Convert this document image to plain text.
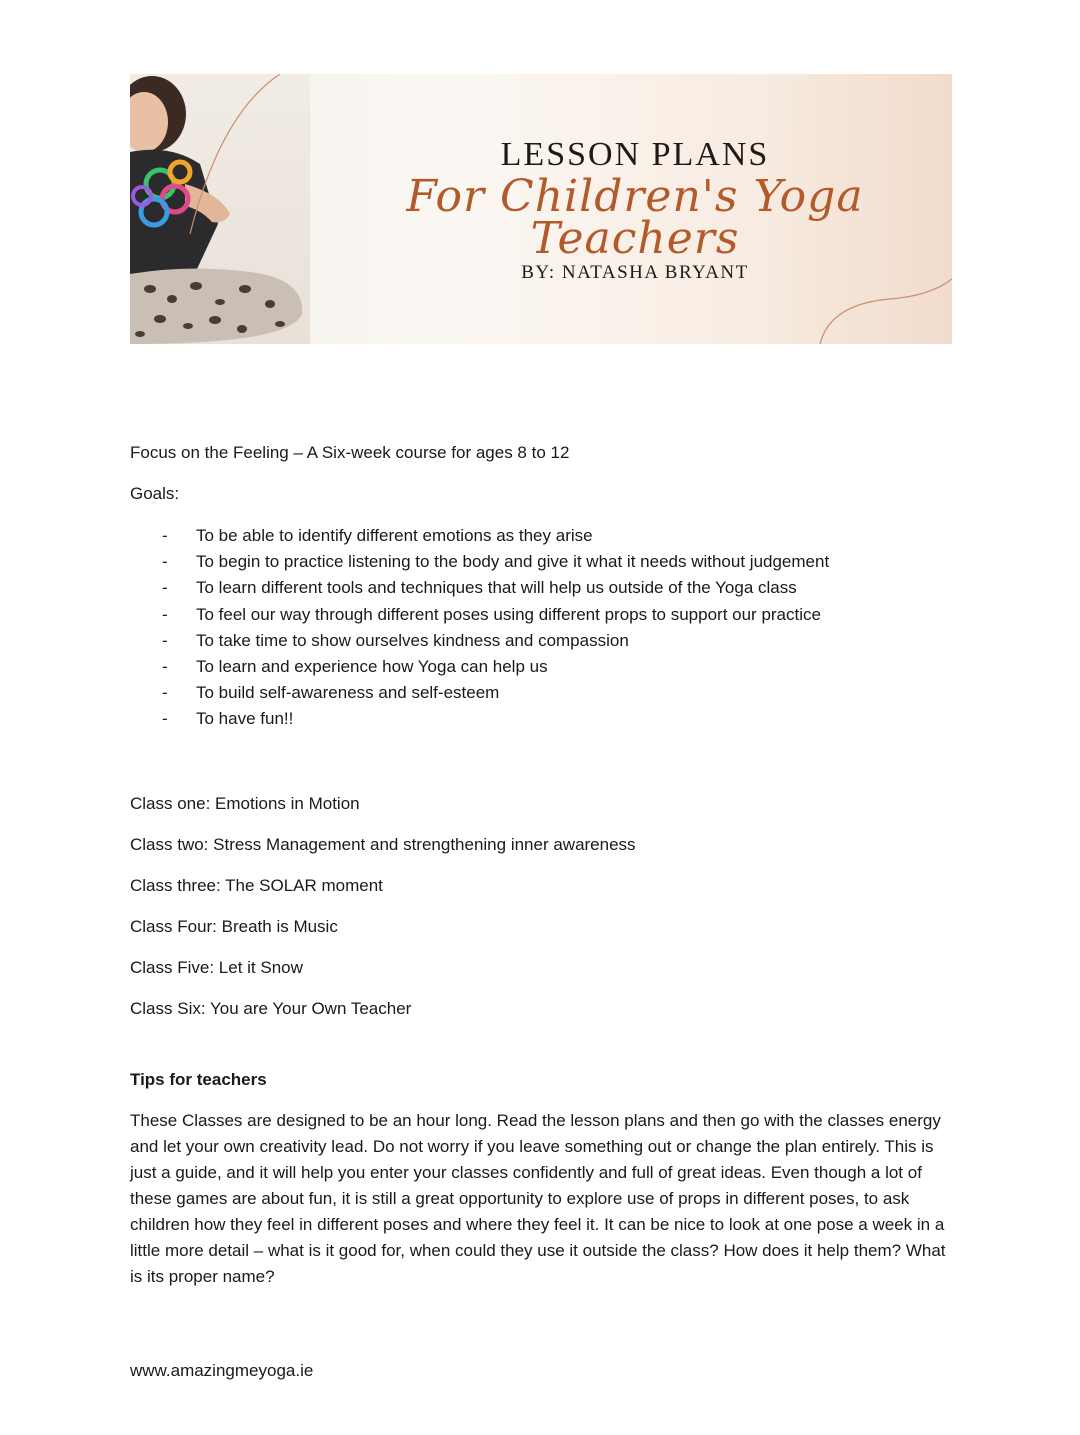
LESSON PLANS
For Children's Yoga
Teachers
BY: NATASHA BRYANT

Focus on the Feeling – A Six-week course for ages 8 to 12

Goals:

- To be able to identify different emotions as they arise
- To begin to practice listening to the body and give it what it needs without judgement
- To learn different tools and techniques that will help us outside of the Yoga class
- To feel our way through different poses using different props to support our practice
- To take time to show ourselves kindness and compassion
- To learn and experience how Yoga can help us
- To build self-awareness and self-esteem
- To have fun!!

Class one: Emotions in Motion

Class two: Stress Management and strengthening inner awareness

Class three: The SOLAR moment

Class Four: Breath is Music

Class Five: Let it Snow

Class Six: You are Your Own Teacher

Tips for teachers

These Classes are designed to be an hour long. Read the lesson plans and then go with the classes energy and let your own creativity lead. Do not worry if you leave something out or change the plan entirely. This is just a guide, and it will help you enter your classes confidently and full of great ideas. Even though a lot of these games are about fun, it is still a great opportunity to explore use of props in different poses, to ask children how they feel in different poses and where they feel it. It can be nice to look at one pose a week in a little more detail – what is it good for, when could they use it outside the class? How does it help them? What is its proper name?

www.amazingmeyoga.ie
